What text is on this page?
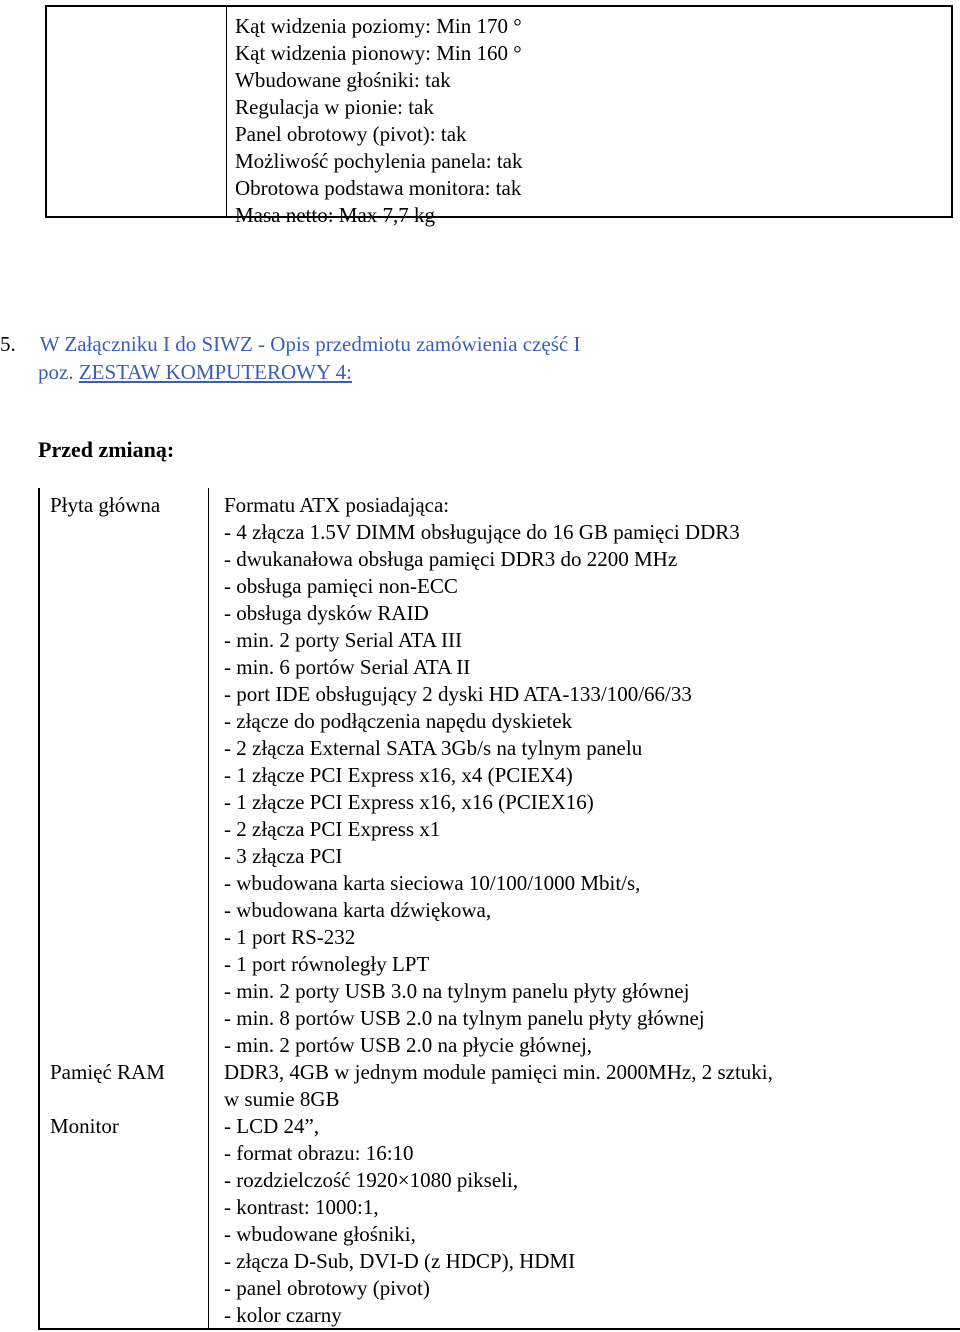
Kąt widzenia poziomy: Min 170 °
Kąt widzenia pionowy: Min 160 °
Wbudowane głośniki: tak
Regulacja w pionie: tak
Panel obrotowy (pivot): tak
Możliwość pochylenia panela: tak
Obrotowa podstawa monitora: tak
Masa netto: Max 7,7 kg
5. W Załączniku I do SIWZ - Opis przedmiotu zamówienia część I
poz. ZESTAW KOMPUTEROWY 4:
Przed zmianą:
Płyta główna	Formatu ATX posiadająca:
- 4 złącza 1.5V DIMM obsługujące do 16 GB pamięci DDR3
- dwukanałowa obsługa pamięci DDR3 do 2200 MHz
- obsługa pamięci non-ECC
- obsługa dysków RAID
- min. 2 porty Serial ATA III
- min. 6 portów Serial ATA II
- port IDE obsługujący 2 dyski HD ATA-133/100/66/33
- złącze do podłączenia napędu dyskietek
- 2 złącza External SATA 3Gb/s na tylnym panelu
- 1 złącze PCI Express x16, x4 (PCIEX4)
- 1 złącze PCI Express x16, x16 (PCIEX16)
- 2 złącza PCI Express x1
- 3 złącza PCI
- wbudowana karta sieciowa 10/100/1000 Mbit/s,
- wbudowana karta dźwiękowa,
- 1 port RS-232
- 1 port równoległy LPT
- min. 2 porty USB 3.0 na tylnym panelu płyty głównej
- min. 8 portów USB 2.0 na tylnym panelu płyty głównej
- min. 2 portów USB 2.0 na płycie głównej,
Pamięć RAM	DDR3, 4GB w jednym module pamięci min. 2000MHz, 2 sztuki,
w sumie 8GB
Monitor	- LCD 24”,
- format obrazu: 16:10
- rozdzielczość 1920×1080 pikseli,
- kontrast: 1000:1,
- wbudowane głośniki,
- złącza D-Sub, DVI-D (z HDCP), HDMI
- panel obrotowy (pivot)
- kolor czarny
